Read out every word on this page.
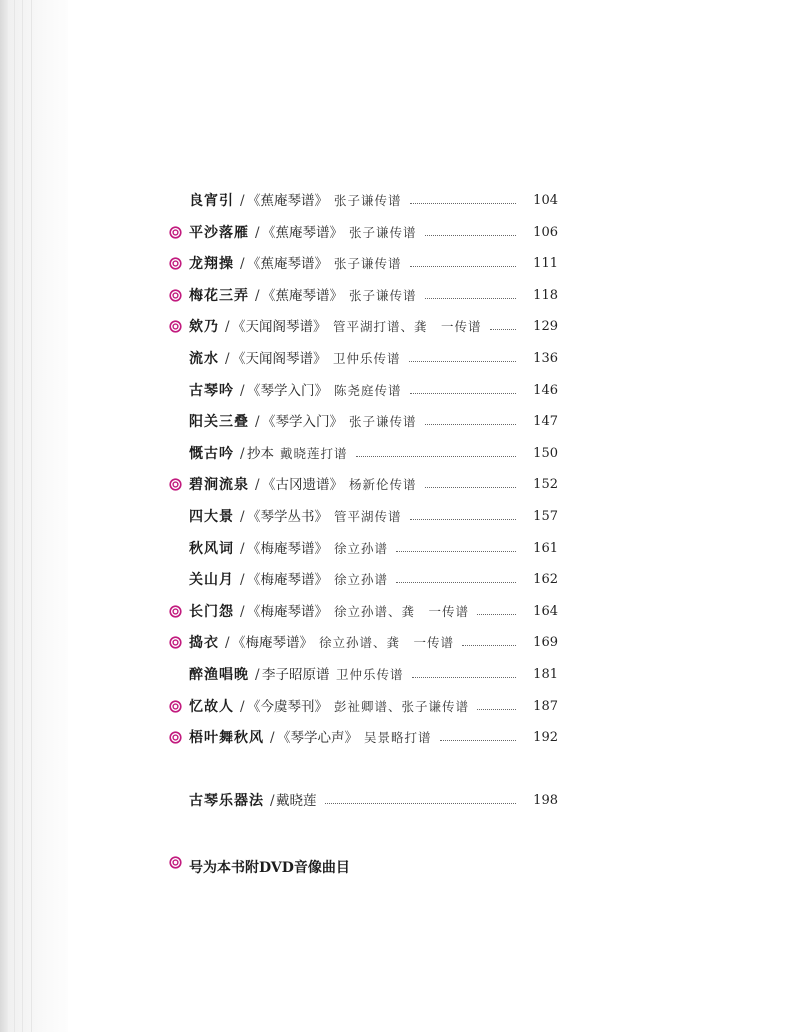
良宵引 / 《蕉庵琴谱》 张子谦传谱	104
平沙落雁 / 《蕉庵琴谱》 张子谦传谱	106
龙翔操 / 《蕉庵琴谱》 张子谦传谱	111
梅花三弄 / 《蕉庵琴谱》 张子谦传谱	118
欸乃 / 《天闻阁琴谱》 管平湖打谱、龚　一传谱	129
流水 / 《天闻阁琴谱》 卫仲乐传谱	136
古琴吟 / 《琴学入门》 陈尧庭传谱	146
阳关三叠 / 《琴学入门》 张子谦传谱	147
慨古吟 / 抄本 戴晓莲打谱	150
碧涧流泉 / 《古冈遗谱》 杨新伦传谱	152
四大景 / 《琴学丛书》 管平湖传谱	157
秋风词 / 《梅庵琴谱》 徐立孙谱	161
关山月 / 《梅庵琴谱》 徐立孙谱	162
长门怨 / 《梅庵琴谱》 徐立孙谱、龚　一传谱	164
捣衣 / 《梅庵琴谱》 徐立孙谱、龚　一传谱	169
醉渔唱晚 / 李子昭原谱 卫仲乐传谱	181
忆故人 / 《今虞琴刊》 彭祉卿谱、张子谦传谱	187
梧叶舞秋风 / 《琴学心声》 吴景略打谱	192
古琴乐器法 / 戴晓莲	198
号为本书附DVD音像曲目
